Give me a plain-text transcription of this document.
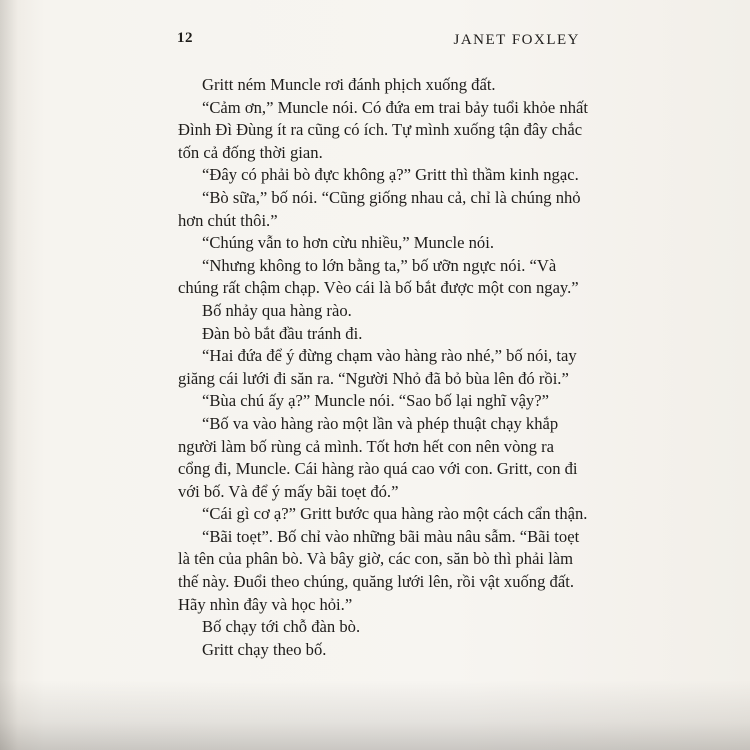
12	JANET FOXLEY

Gritt ném Muncle rơi đánh phịch xuống đất.

“Cảm ơn,” Muncle nói. Có đứa em trai bảy tuổi khỏe nhất Đình Đì Đùng ít ra cũng có ích. Tự mình xuống tận đây chắc tốn cả đống thời gian.

“Đây có phải bò đực không ạ?” Gritt thì thầm kinh ngạc.

“Bò sữa,” bố nói. “Cũng giống nhau cả, chỉ là chúng nhỏ hơn chút thôi.”

“Chúng vẫn to hơn cừu nhiều,” Muncle nói.

“Nhưng không to lớn bằng ta,” bố ưỡn ngực nói. “Và chúng rất chậm chạp. Vèo cái là bố bắt được một con ngay.”

Bố nhảy qua hàng rào.

Đàn bò bắt đầu tránh đi.

“Hai đứa để ý đừng chạm vào hàng rào nhé,” bố nói, tay giăng cái lưới đi săn ra. “Người Nhỏ đã bỏ bùa lên đó rồi.”

“Bùa chú ấy ạ?” Muncle nói. “Sao bố lại nghĩ vậy?”

“Bố va vào hàng rào một lần và phép thuật chạy khắp người làm bố rùng cả mình. Tốt hơn hết con nên vòng ra cổng đi, Muncle. Cái hàng rào quá cao với con. Gritt, con đi với bố. Và để ý mấy bãi toẹt đó.”

“Cái gì cơ ạ?” Gritt bước qua hàng rào một cách cẩn thận.

“Bãi toẹt”. Bố chỉ vào những bãi màu nâu sẫm. “Bãi toẹt là tên của phân bò. Và bây giờ, các con, săn bò thì phải làm thế này. Đuổi theo chúng, quăng lưới lên, rồi vật xuống đất. Hãy nhìn đây và học hỏi.”

Bố chạy tới chỗ đàn bò.

Gritt chạy theo bố.
